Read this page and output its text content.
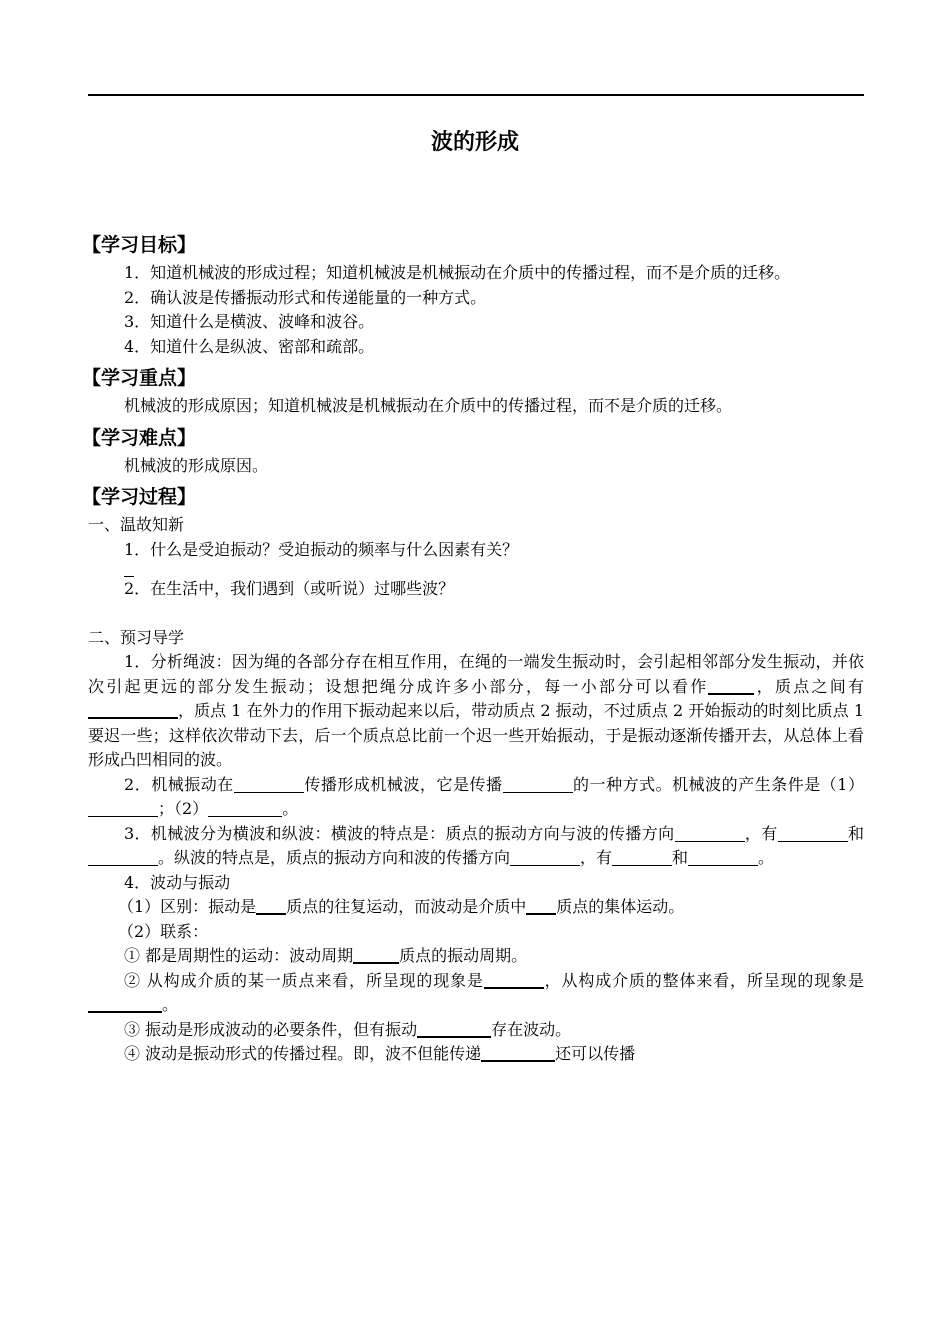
波的形成
【学习目标】

1．知道机械波的形成过程；知道机械波是机械振动在介质中的传播过程，而不是介质的迁移。

2．确认波是传播振动形式和传递能量的一种方式。

3．知道什么是横波、波峰和波谷。

4．知道什么是纵波、密部和疏部。

【学习重点】

机械波的形成原因；知道机械波是机械振动在介质中的传播过程，而不是介质的迁移。

【学习难点】

机械波的形成原因。

【学习过程】

一、温故知新

1．什么是受迫振动？受迫振动的频率与什么因素有关？

2．在生活中，我们遇到（或听说）过哪些波？

二、预习导学

1．分析绳波：因为绳的各部分存在相互作用，在绳的一端发生振动时，会引起相邻部分发生振动，并依次引起更远的部分发生振动；设想把绳分成许多小部分，每一小部分可以看作	，质点之间有，质点 1 在外力的作用下振动起来以后，带动质点 2 振动，不过质点 2 开始振动的时刻比质点 1 要迟一些；这样依次带动下去，后一个质点总比前一个迟一些开始振动，于是振动逐渐传播开去，从总体上看形成凸凹相同的波。

2．机械振动在	传播形成机械波，它是传播	的一种方式。机械波的产生条件是（1）；（2）	。

3．机械波分为横波和纵波：横波的特点是：质点的振动方向与波的传播方向	，有	和。纵波的特点是，质点的振动方向和波的传播方向	，有	和	。

4．波动与振动

（1）区别：振动是 质点的往复运动，而波动是介质中 质点的集体运动。

（2）联系：

① 都是周期性的运动：波动周期	质点的振动周期。

② 从构成介质的某一质点来看，所呈现的现象是	，从构成介质的整体来看，所呈现的现象是。

③ 振动是形成波动的必要条件，但有振动	存在波动。

④ 波动是振动形式的传播过程。即，波不但能传递	还可以传播
